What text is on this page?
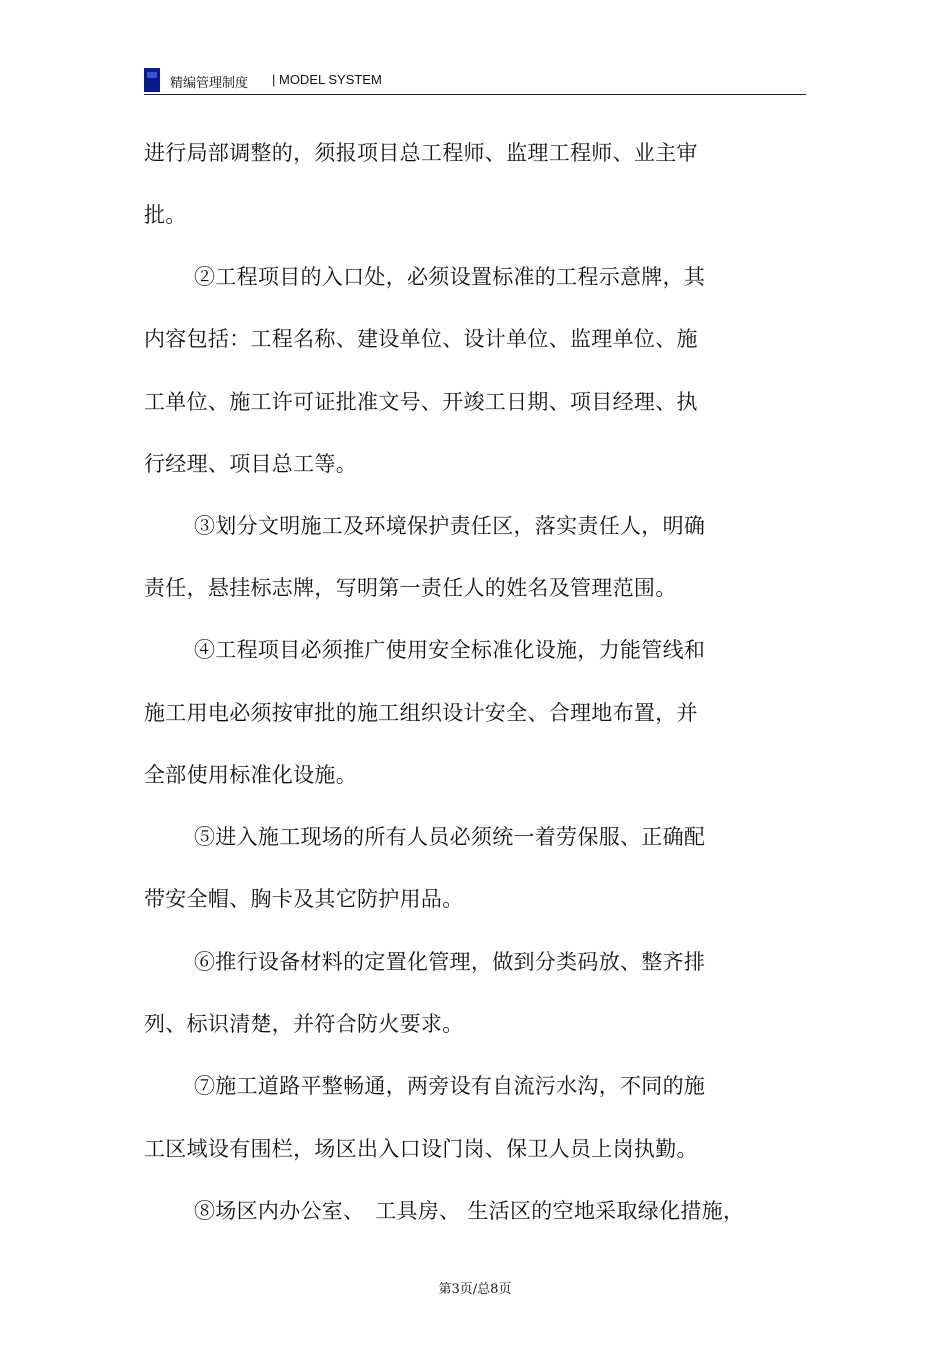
精编管理制度 | MODEL SYSTEM
进行局部调整的，须报项目总工程师、监理工程师、业主审
批。
②工程项目的入口处，必须设置标准的工程示意牌，其
内容包括：工程名称、建设单位、设计单位、监理单位、施
工单位、施工许可证批准文号、开竣工日期、项目经理、执
行经理、项目总工等。
③划分文明施工及环境保护责任区，落实责任人，明确
责任，悬挂标志牌，写明第一责任人的姓名及管理范围。
④工程项目必须推广使用安全标准化设施，力能管线和
施工用电必须按审批的施工组织设计安全、合理地布置，并
全部使用标准化设施。
⑤进入施工现场的所有人员必须统一着劳保服、正确配
带安全帽、胸卡及其它防护用品。
⑥推行设备材料的定置化管理，做到分类码放、整齐排
列、标识清楚，并符合防火要求。
⑦施工道路平整畅通，两旁设有自流污水沟，不同的施
工区域设有围栏，场区出入口设门岗、保卫人员上岗执勤。
⑧场区内办公室、　工具房、 生活区的空地采取绿化措施，
第3页/总8页
